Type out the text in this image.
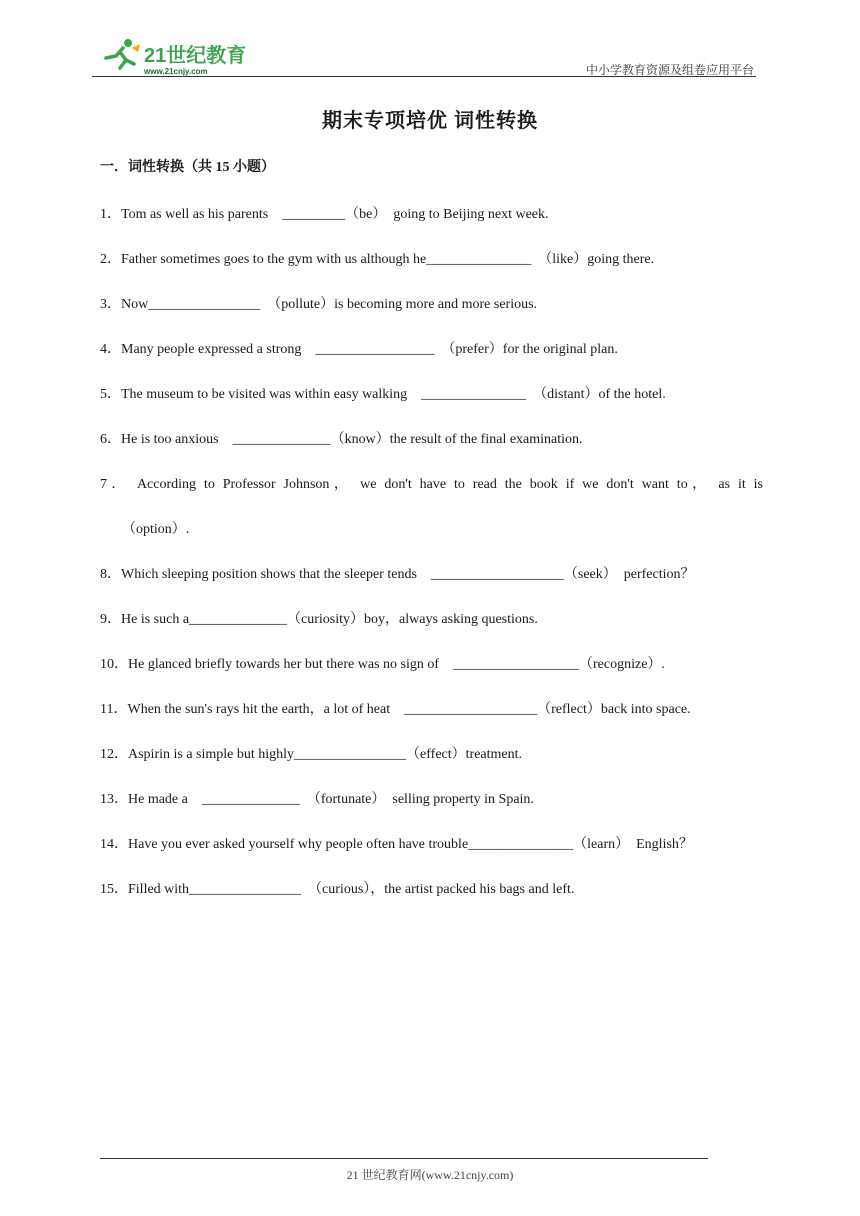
21世纪教育
www.21cnjy.com	中小学教育资源及组卷应用平台
期末专项培优 词性转换
一．词性转换（共 15 小题）
1．Tom as well as his parents    _________（be）  going to Beijing next week.
2．Father sometimes goes to the gym with us although he_______________  （like）going there.
3．Now________________  （pollute）is becoming more and more serious.
4．Many people expressed a strong    _________________  （prefer）for the original plan.
5．The museum to be visited was within easy walking    _______________  （distant）of the hotel.
6．He is too anxious    ______________（know）the result of the final examination.
7． According to Professor Johnson， we don't have to read the book if we don't want to， as it is
（option）.
8．Which sleeping position shows that the sleeper tends    ___________________（seek）  perfection？
9．He is such a______________（curiosity）boy，always asking questions.
10．He glanced briefly towards her but there was no sign of    __________________（recognize）.
11．When the sun's rays hit the earth，a lot of heat    ___________________（reflect）back into space.
12．Aspirin is a simple but highly________________（effect）treatment.
13．He made a    ______________  （fortunate）  selling property in Spain.
14．Have you ever asked yourself why people often have trouble_______________（learn）  English？
15．Filled with________________  （curious），the artist packed his bags and left.
21 世纪教育网(www.21cnjy.com)
